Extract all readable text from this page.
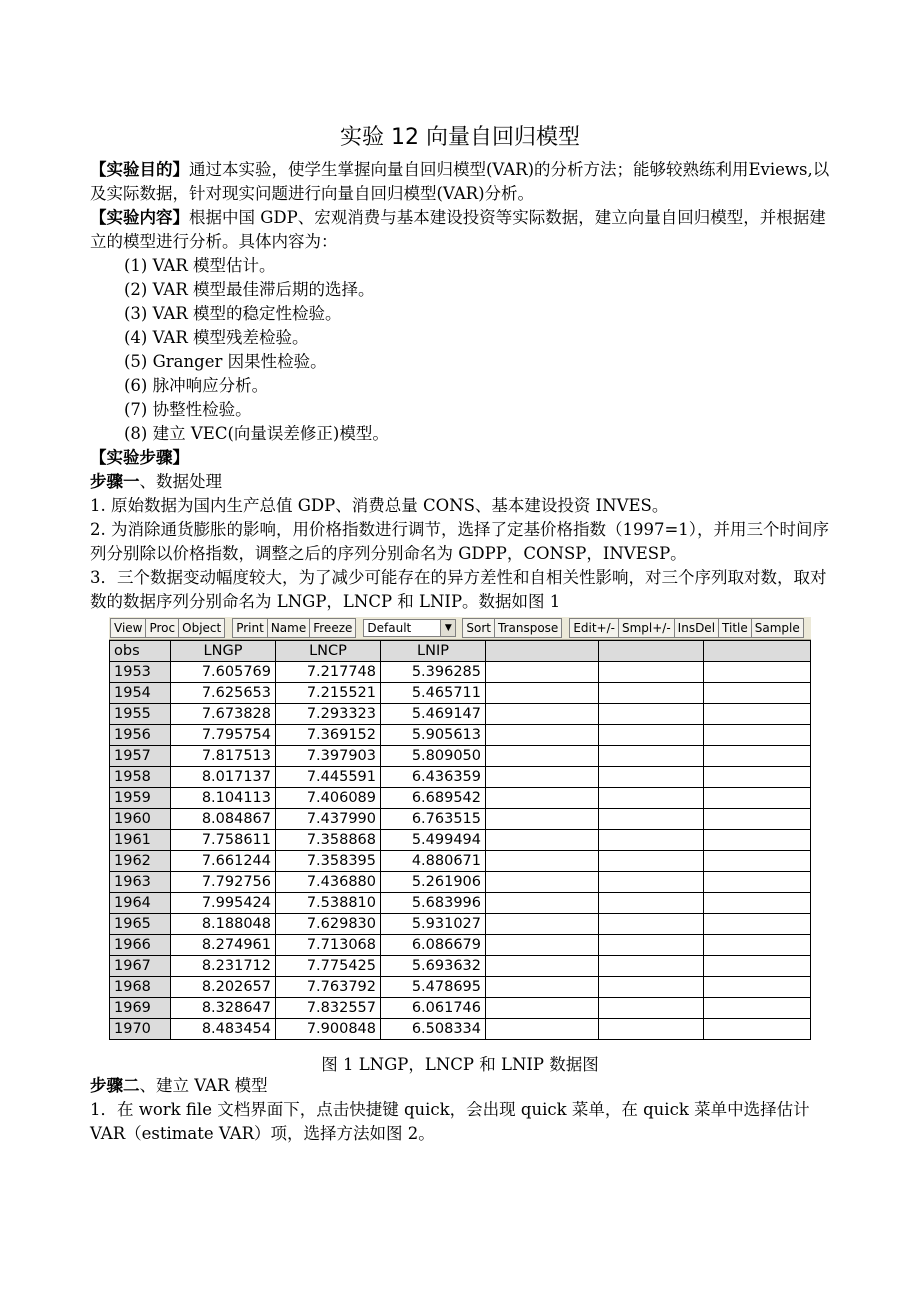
实验 12 向量自回归模型

【实验目的】通过本实验，使学生掌握向量自回归模型(VAR)的分析方法；能够较熟练利用Eviews,以及实际数据，针对现实问题进行向量自回归模型(VAR)分析。

【实验内容】根据中国 GDP、宏观消费与基本建设投资等实际数据，建立向量自回归模型，并根据建立的模型进行分析。具体内容为：

(1) VAR 模型估计。

(2) VAR 模型最佳滞后期的选择。

(3) VAR 模型的稳定性检验。

(4) VAR 模型残差检验。

(5) Granger 因果性检验。

(6) 脉冲响应分析。

(7) 协整性检验。

(8) 建立 VEC(向量误差修正)模型。

【实验步骤】

步骤一、数据处理

1. 原始数据为国内生产总值 GDP、消费总量 CONS、基本建设投资 INVES。

2. 为消除通货膨胀的影响，用价格指数进行调节，选择了定基价格指数（1997=1），并用三个时间序列分别除以价格指数，调整之后的序列分别命名为 GDPP，CONSP，INVESP。

3．三个数据变动幅度较大，为了减少可能存在的异方差性和自相关性影响，对三个序列取对数，取对数的数据序列分别命名为 LNGP，LNCP 和 LNIP。数据如图 1

View Proc Object	Print Name Freeze	Default	▼	Sort Transpose	Edit+/- Smpl+/- InsDel Title Sample
obs	LNGP	LNCP	LNIP			
1953	7.605769	7.217748	5.396285			
1954	7.625653	7.215521	5.465711			
1955	7.673828	7.293323	5.469147			
1956	7.795754	7.369152	5.905613			
1957	7.817513	7.397903	5.809050			
1958	8.017137	7.445591	6.436359			
1959	8.104113	7.406089	6.689542			
1960	8.084867	7.437990	6.763515			
1961	7.758611	7.358868	5.499494			
1962	7.661244	7.358395	4.880671			
1963	7.792756	7.436880	5.261906			
1964	7.995424	7.538810	5.683996			
1965	8.188048	7.629830	5.931027			
1966	8.274961	7.713068	6.086679			
1967	8.231712	7.775425	5.693632			
1968	8.202657	7.763792	5.478695			
1969	8.328647	7.832557	6.061746			
1970	8.483454	7.900848	6.508334			
图 1 LNGP，LNCP 和 LNIP 数据图

步骤二、建立 VAR 模型

1．在 work file 文档界面下，点击快捷键 quick，会出现 quick 菜单，在 quick 菜单中选择估计VAR（estimate VAR）项，选择方法如图 2。
